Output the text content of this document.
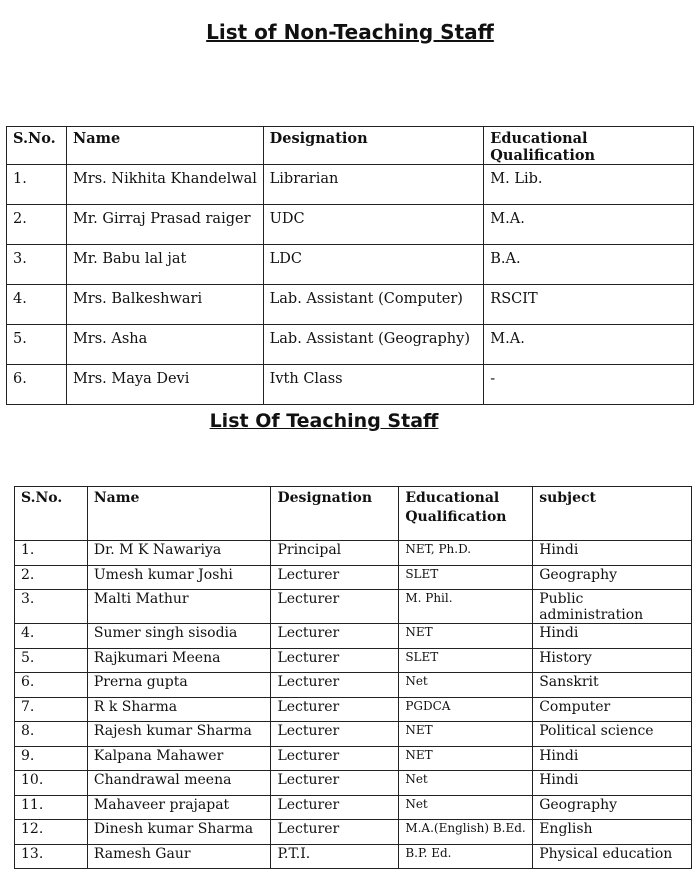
List of Non-Teaching Staff
S.No.	Name	Designation	Educational Qualification
1.	Mrs. Nikhita Khandelwal	Librarian	M. Lib.
2.	Mr. Girraj Prasad raiger	UDC	M.A.
3.	Mr. Babu lal jat	LDC	B.A.
4.	Mrs. Balkeshwari	Lab. Assistant (Computer)	RSCIT
5.	Mrs. Asha	Lab. Assistant (Geography)	M.A.
6.	Mrs. Maya Devi	Ivth Class	-
List Of Teaching Staff
S.No.	Name	Designation	Educational Qualification	subject
1.	Dr. M K Nawariya	Principal	NET, Ph.D.	Hindi
2.	Umesh kumar Joshi	Lecturer	SLET	Geography
3.	Malti Mathur	Lecturer	M. Phil.	Public administration
4.	Sumer singh sisodia	Lecturer	NET	Hindi
5.	Rajkumari Meena	Lecturer	SLET	History
6.	Prerna gupta	Lecturer	Net	Sanskrit
7.	R k Sharma	Lecturer	PGDCA	Computer
8.	Rajesh kumar Sharma	Lecturer	NET	Political science
9.	Kalpana Mahawer	Lecturer	NET	Hindi
10.	Chandrawal meena	Lecturer	Net	Hindi
11.	Mahaveer prajapat	Lecturer	Net	Geography
12.	Dinesh kumar Sharma	Lecturer	M.A.(English) B.Ed.	English
13.	Ramesh Gaur	P.T.I.	B.P. Ed.	Physical education
